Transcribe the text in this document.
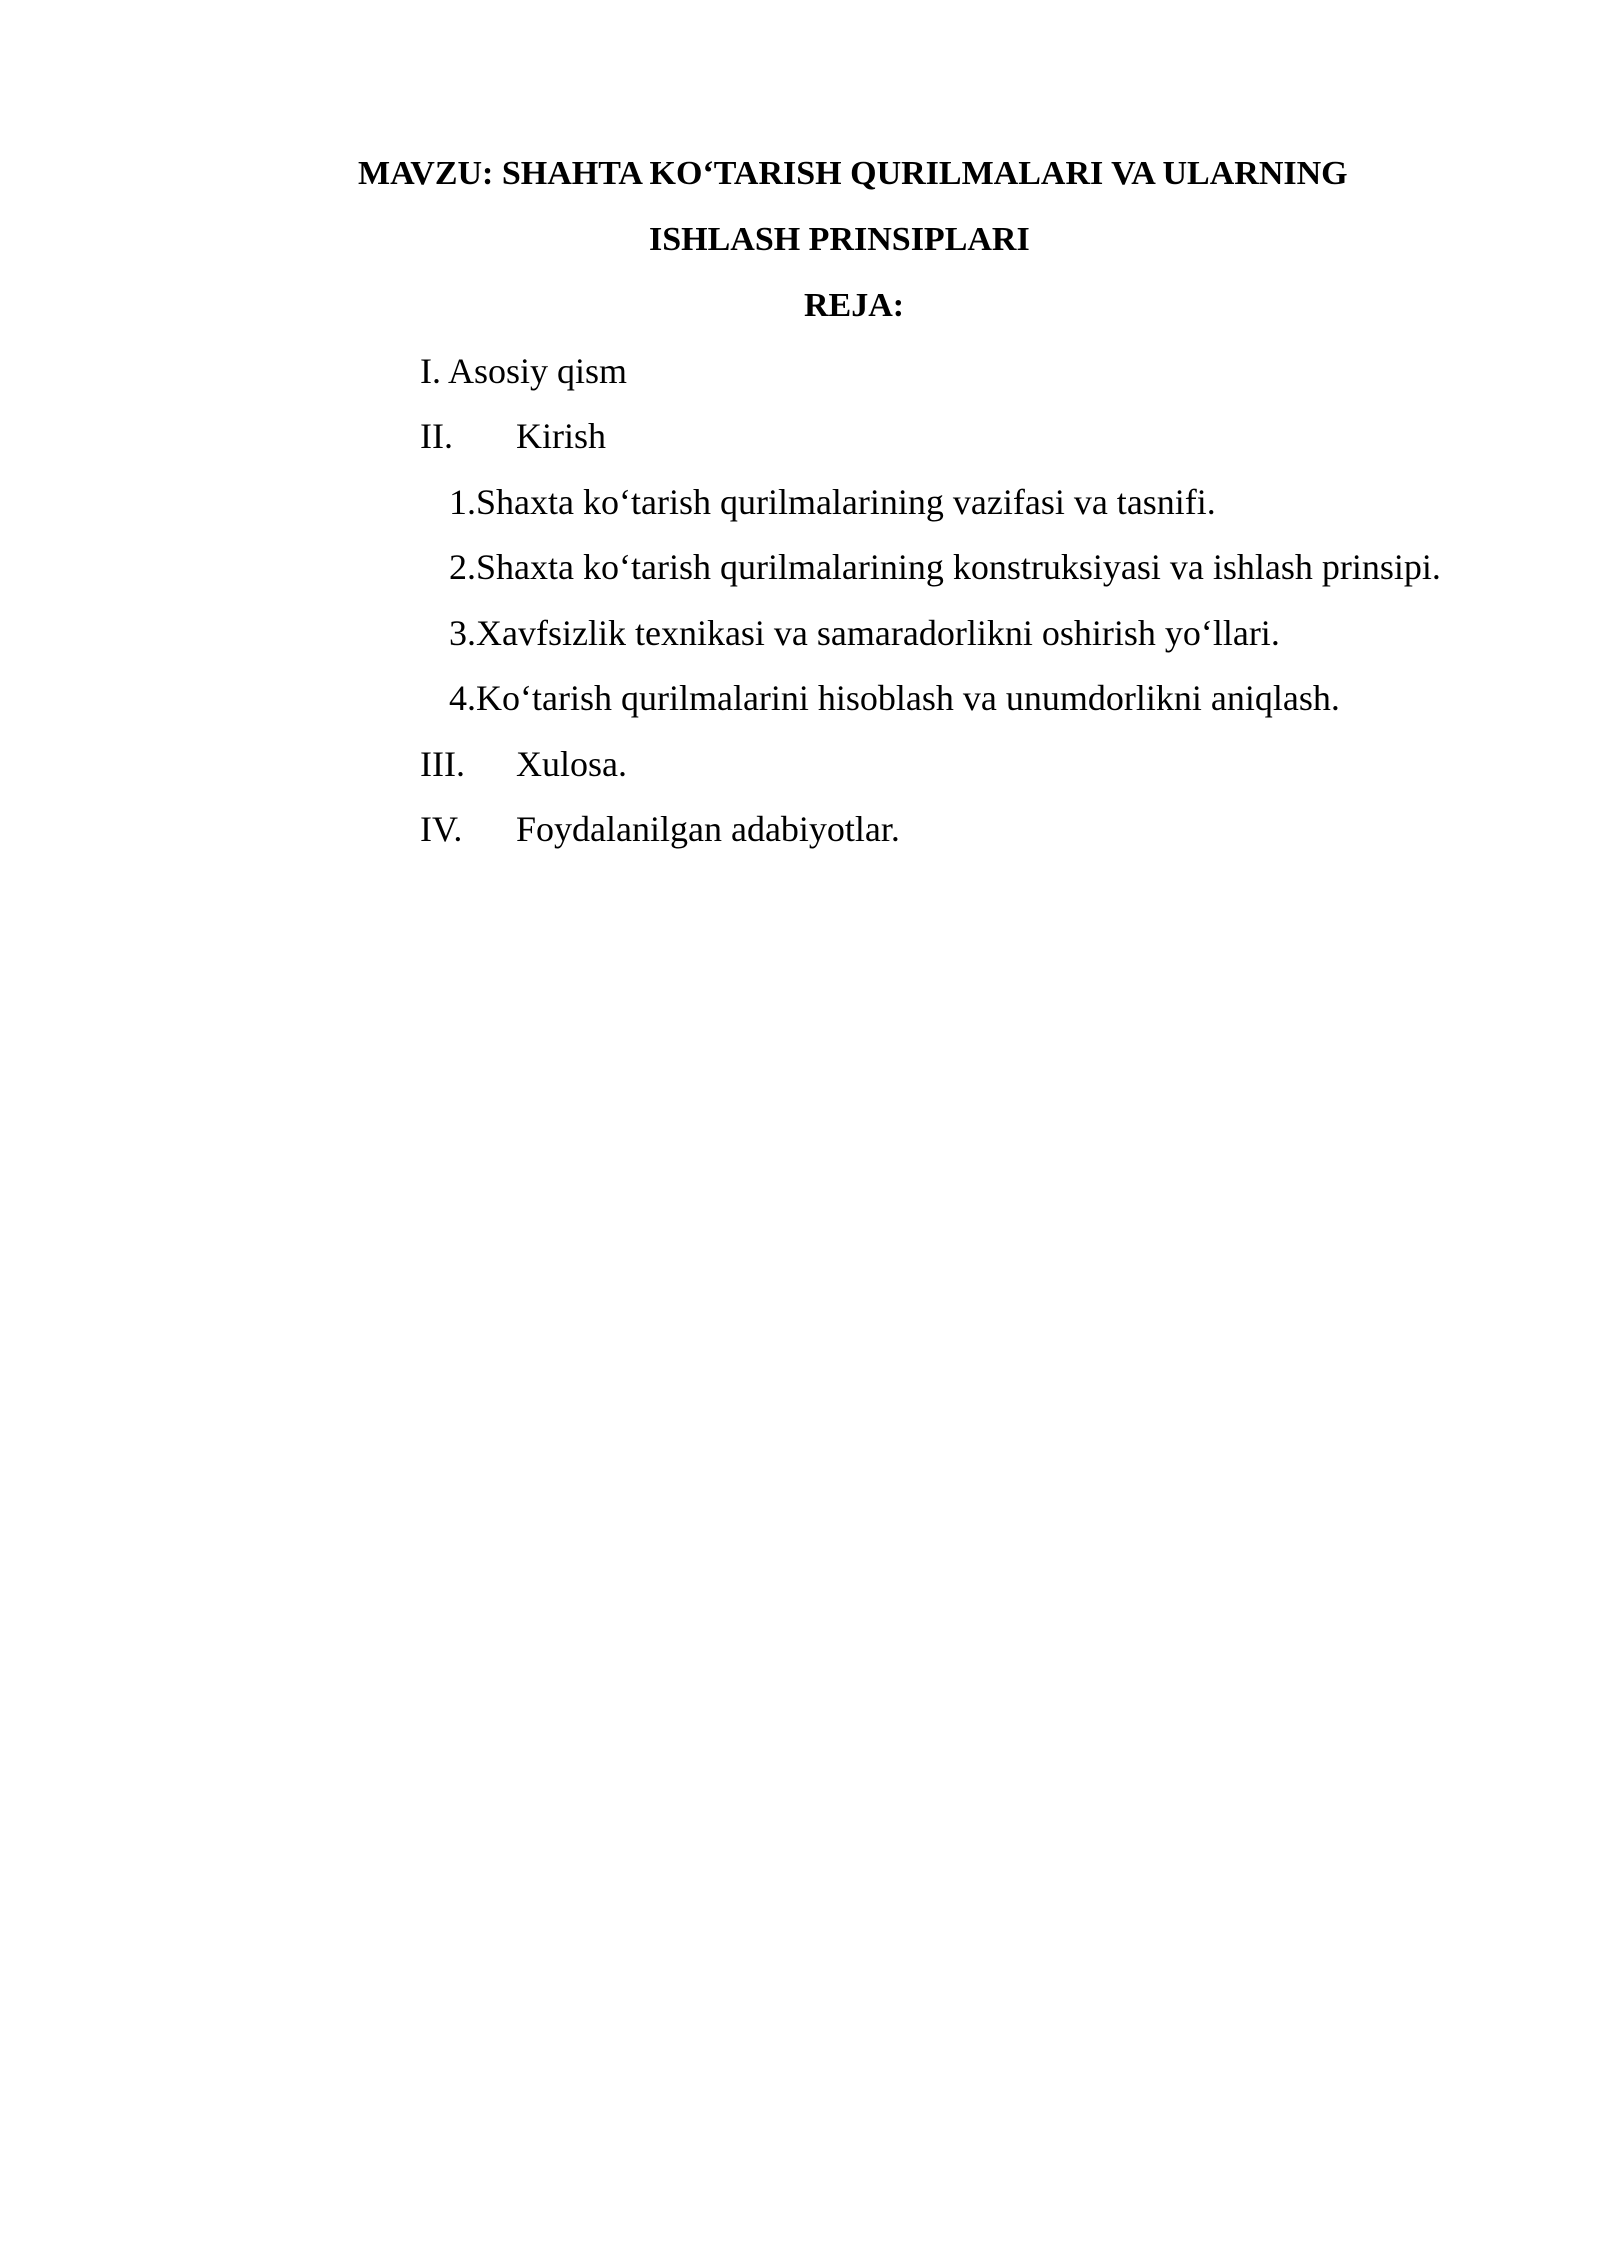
MAVZU: SHAHTA KO‘TARISH QURILMALARI VA ULARNING
ISHLASH PRINSIPLARI
REJA:
I. Asosiy qism
II. Kirish
1.Shaxta ko‘tarish qurilmalarining vazifasi va tasnifi.
2.Shaxta ko‘tarish qurilmalarining konstruksiyasi va ishlash prinsipi.
3.Xavfsizlik texnikasi va samaradorlikni oshirish yo‘llari.
4.Ko‘tarish qurilmalarini hisoblash va unumdorlikni aniqlash.
III. Xulosa.
IV. Foydalanilgan adabiyotlar.
